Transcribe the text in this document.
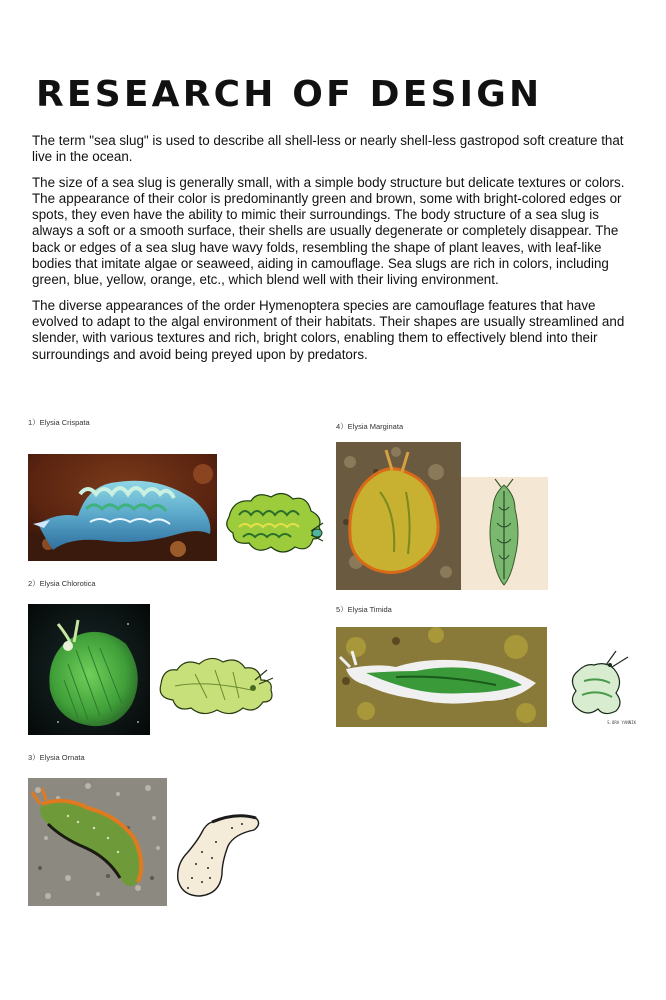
RESEARCH OF DESIGN

The term "sea slug" is used to describe all shell-less or nearly shell-less gastropod soft creature that live in the ocean.

The size of a sea slug is generally small, with a simple body structure but delicate textures or colors. The appearance of their color is predominantly green and brown, some with bright-colored edges or spots, they even have the ability to mimic their surroundings. The body structure of a sea slug is always a soft or a smooth surface, their shells are usually degenerate or completely disappear. The back or edges of a sea slug have wavy folds, resembling the shape of plant leaves, with leaf-like bodies that imitate algae or seaweed, aiding in camouflage. Sea slugs are rich in colors, including green, blue, yellow, orange, etc., which blend well with their living environment.

The diverse appearances of the order Hymenoptera species are camouflage features that have evolved to adapt to the algal environment of their habitats. Their shapes are usually streamlined and slender, with various textures and rich, bright colors, enabling them to effectively blend into their surroundings and avoid being preyed upon by predators.

1）Elysia Crispata
2）Elysia Chlorotica
3）Elysia Ornata
4）Elysia Marginata
5）Elysia Timida
S.ORA YANNIK
